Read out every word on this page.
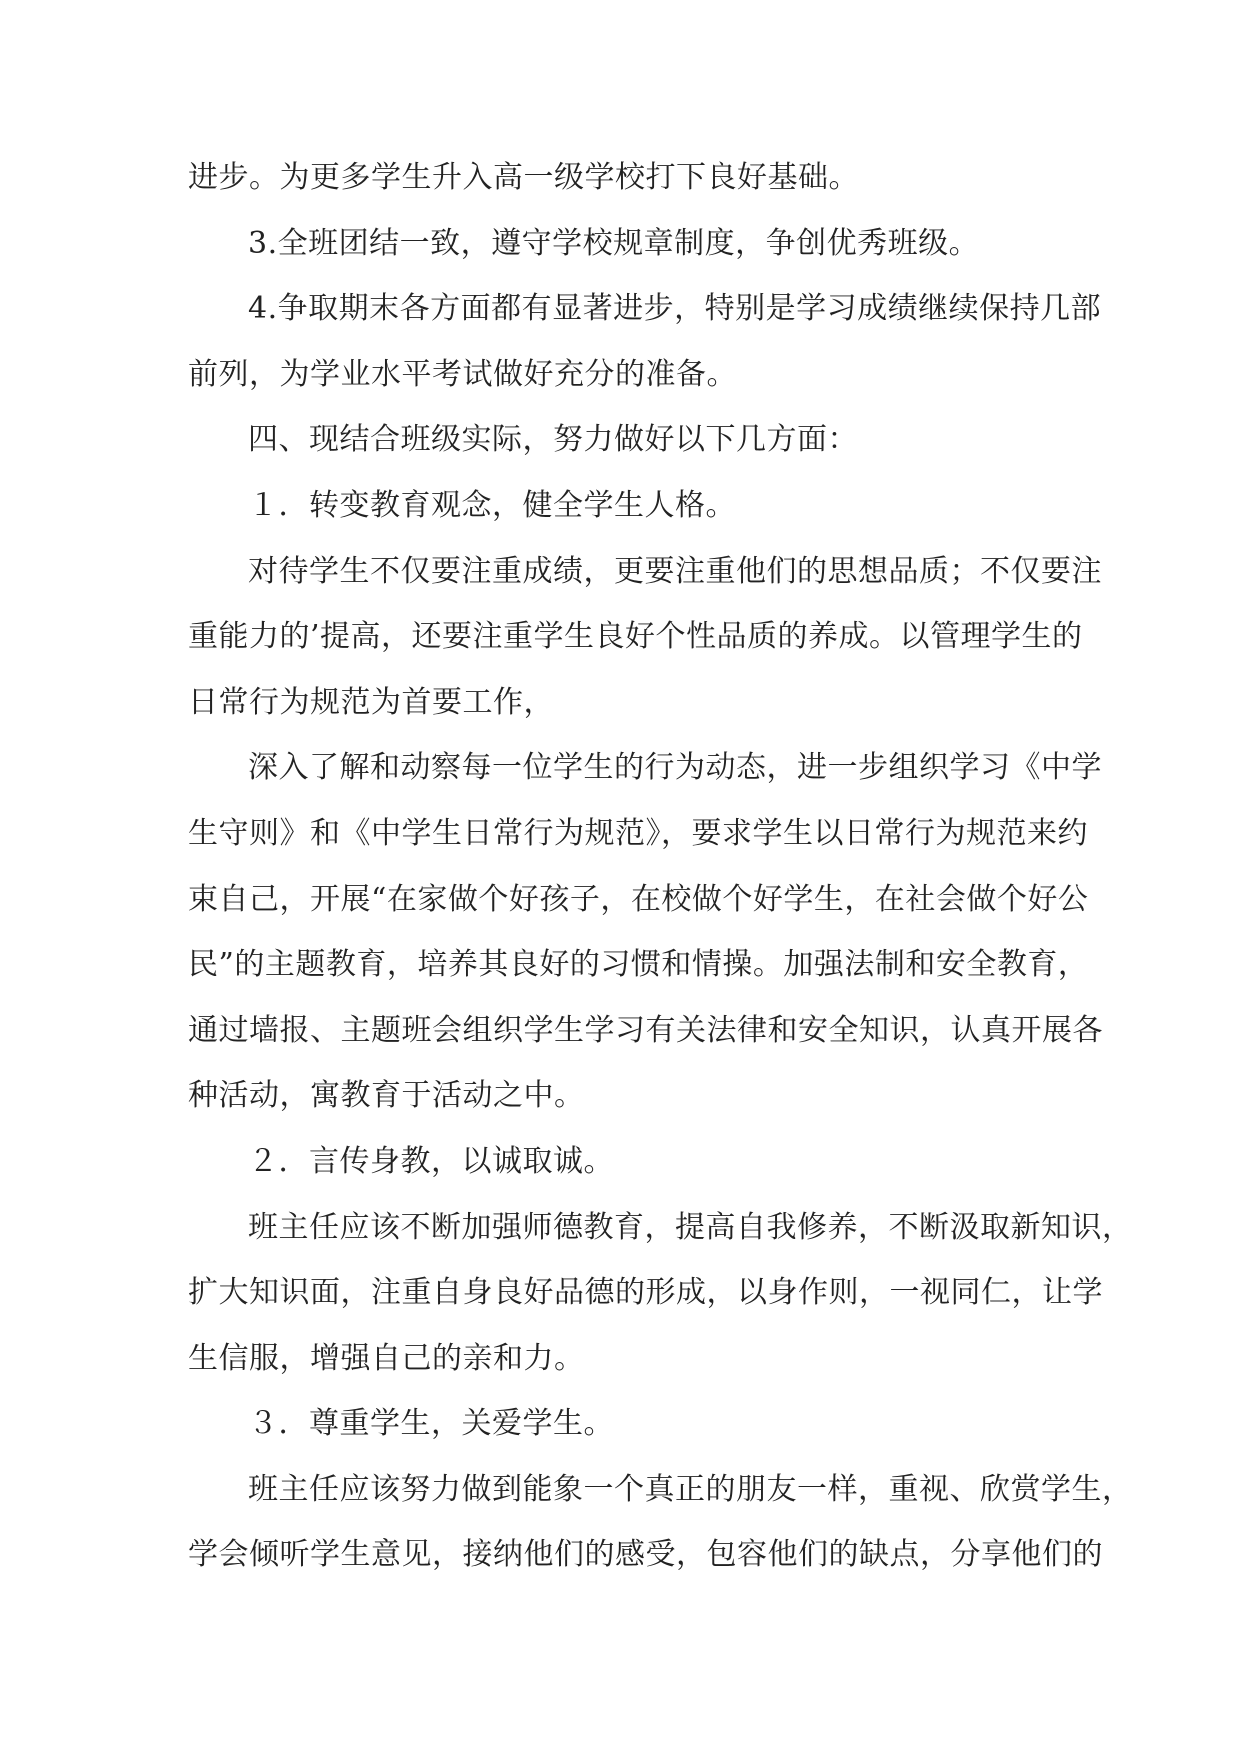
进步。为更多学生升入高一级学校打下良好基础。
3.全班团结一致，遵守学校规章制度，争创优秀班级。
4.争取期末各方面都有显著进步，特别是学习成绩继续保持几部
前列，为学业水平考试做好充分的准备。
四、现结合班级实际，努力做好以下几方面：
１．转变教育观念，健全学生人格。
对待学生不仅要注重成绩，更要注重他们的思想品质；不仅要注
重能力的’提高，还要注重学生良好个性品质的养成。以管理学生的
日常行为规范为首要工作，
深入了解和动察每一位学生的行为动态，进一步组织学习《中学
生守则》和《中学生日常行为规范》，要求学生以日常行为规范来约
束自己，开展“在家做个好孩子，在校做个好学生，在社会做个好公
民”的主题教育，培养其良好的习惯和情操。加强法制和安全教育，
通过墙报、主题班会组织学生学习有关法律和安全知识，认真开展各
种活动，寓教育于活动之中。
２．言传身教，以诚取诚。
班主任应该不断加强师德教育，提高自我修养，不断汲取新知识，
扩大知识面，注重自身良好品德的形成，以身作则，一视同仁，让学
生信服，增强自己的亲和力。
３．尊重学生，关爱学生。
班主任应该努力做到能象一个真正的朋友一样，重视、欣赏学生，
学会倾听学生意见，接纳他们的感受，包容他们的缺点，分享他们的
